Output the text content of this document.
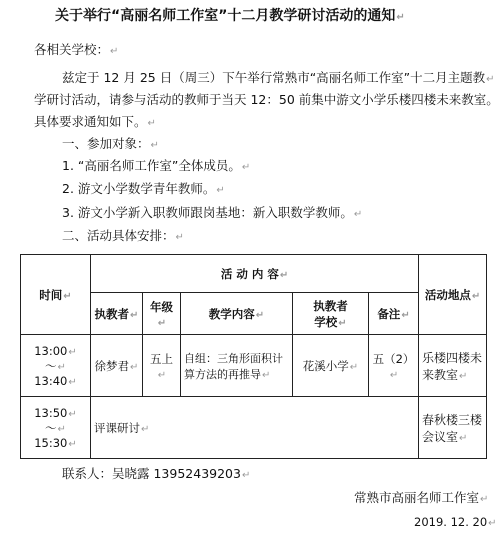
关于举行“高丽名师工作室”十二月教学研讨活动的通知↵
各相关学校：↵
兹定于 12 月 25 日（周三）下午举行常熟市“高丽名师工作室”十二月主题教↵
学研讨活动，请参与活动的教师于当天 12：50 前集中游文小学乐楼四楼未来教室。
具体要求通知如下。↵
一、参加对象：↵
1. “高丽名师工作室”全体成员。↵
2. 游文小学数学青年教师。↵
3. 游文小学新入职教师跟岗基地：新入职数学教师。↵
二、活动具体安排：↵
时间↵	活 动 内 容↵					活动地点↵
	执教者↵	年级↵	教学内容↵	执教者
学校↵	备注↵	
13:00↵
～↵
13:40↵	徐梦君↵	五上↵	自组：三角形面积计算方法的再推导↵	花溪小学↵	五（2）↵	乐楼四楼未来教室↵
13:50↵
～↵
15:30↵	评课研讨↵					春秋楼三楼会议室↵
联系人：吴晓露 13952439203↵
常熟市高丽名师工作室↵
2019. 12. 20↵
